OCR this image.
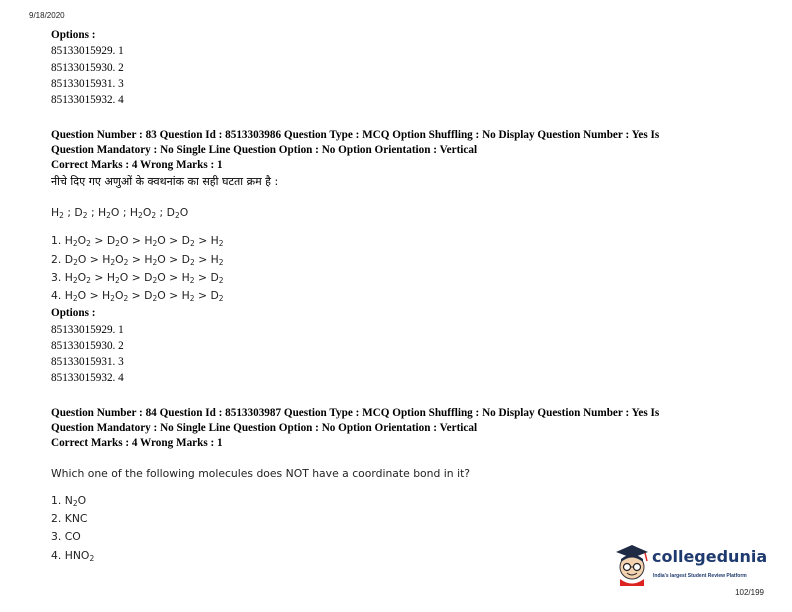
9/18/2020
Options :
85133015929. 1
85133015930. 2
85133015931. 3
85133015932. 4
Question Number : 83 Question Id : 8513303986 Question Type : MCQ Option Shuffling : No Display Question Number : Yes Is
Question Mandatory : No Single Line Question Option : No Option Orientation : Vertical
Correct Marks : 4 Wrong Marks : 1
नीचे दिए गए अणुओं के क्वथनांक का सही घटता क्रम है :
$H_2$ ; $D_2$ ; $H_2O$ ; $H_2O_2$ ; $D_2O$
1. $H_2O_2 > D_2O > H_2O > D_2 > H_2$
2. $D_2O > H_2O_2 > H_2O > D_2 > H_2$
3. $H_2O_2 > H_2O > D_2O > H_2 > D_2$
4. $H_2O > H_2O_2 > D_2O > H_2 > D_2$
Options :
85133015929. 1
85133015930. 2
85133015931. 3
85133015932. 4
Question Number : 84 Question Id : 8513303987 Question Type : MCQ Option Shuffling : No Display Question Number : Yes Is
Question Mandatory : No Single Line Question Option : No Option Orientation : Vertical
Correct Marks : 4 Wrong Marks : 1
Which one of the following molecules does NOT have a coordinate bond in it?
1. $N_2O$
2. KNC
3. CO
4. $HNO_2$	collegedunia
India's largest Student Review Platform
102/199
